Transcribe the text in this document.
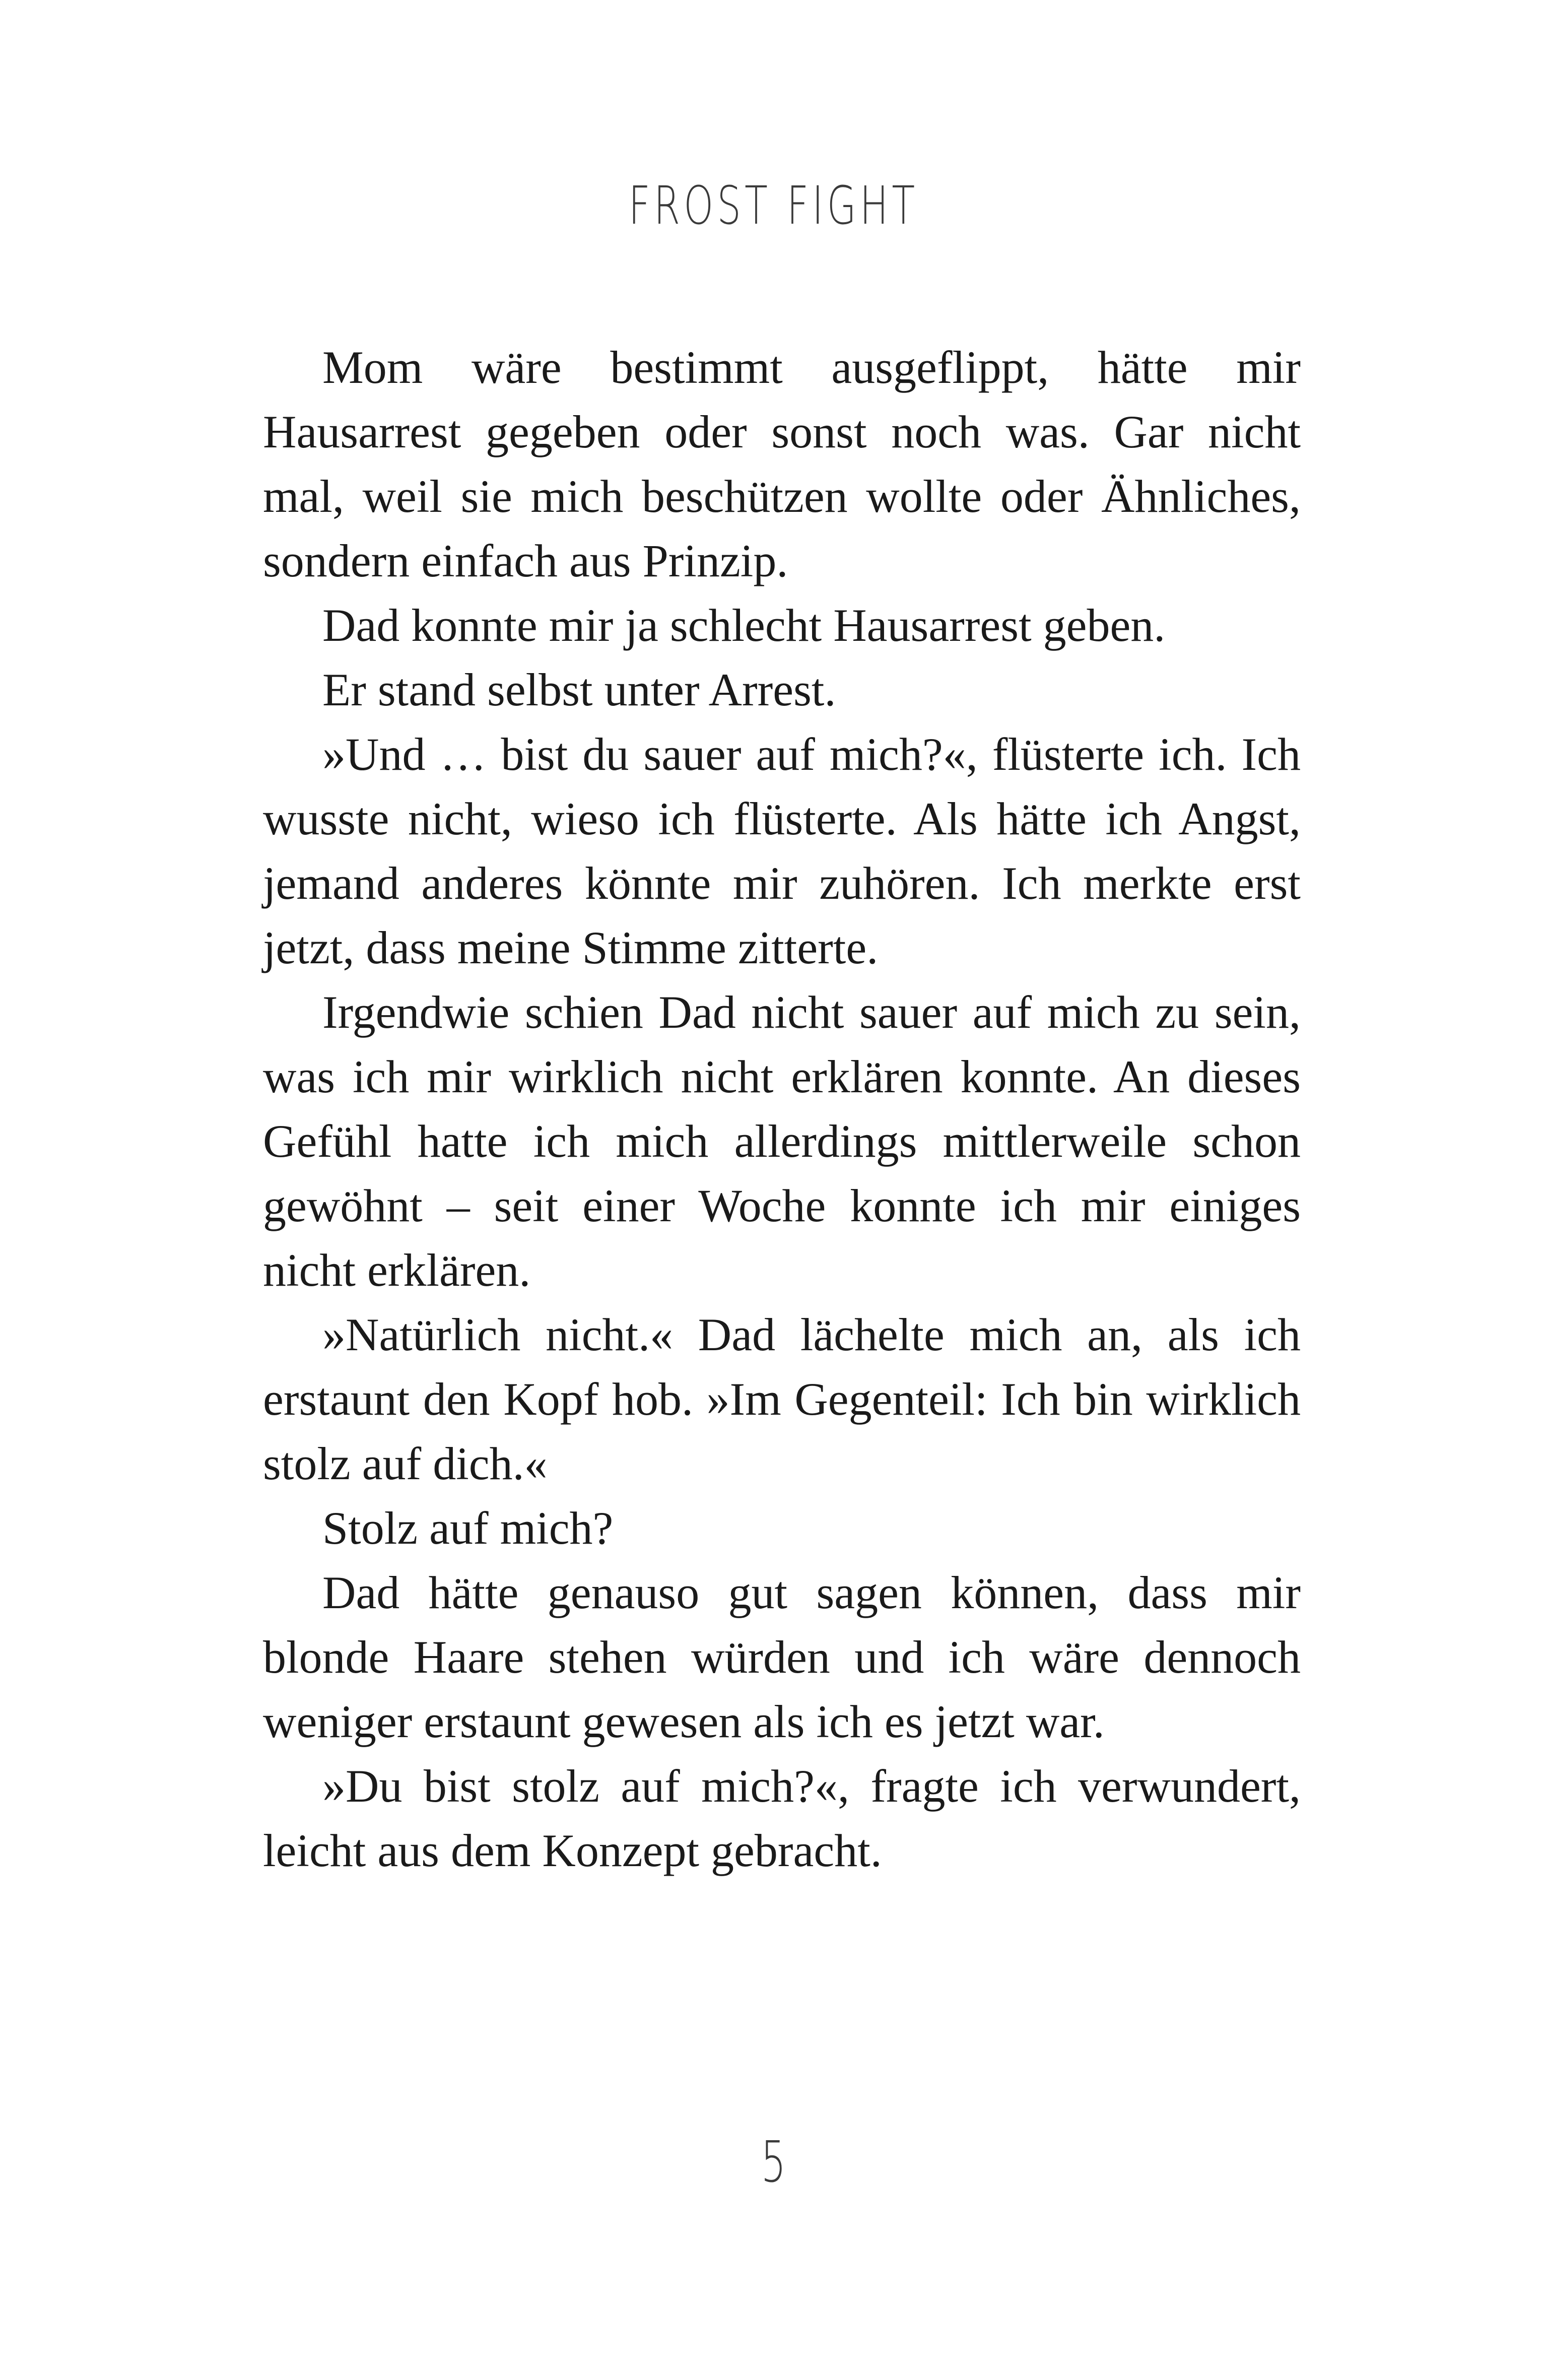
FROST FIGHT

Mom wäre bestimmt ausgeflippt, hätte mir Hausarrest gegeben oder sonst noch was. Gar nicht mal, weil sie mich beschützen wollte oder Ähnliches, sondern einfach aus Prinzip.

Dad konnte mir ja schlecht Hausarrest geben.

Er stand selbst unter Arrest.

»Und … bist du sauer auf mich?«, flüsterte ich. Ich wusste nicht, wieso ich flüsterte. Als hätte ich Angst, jemand anderes könnte mir zuhören. Ich merkte erst jetzt, dass meine Stimme zitterte.

Irgendwie schien Dad nicht sauer auf mich zu sein, was ich mir wirklich nicht erklären konnte. An dieses Gefühl hatte ich mich allerdings mittlerweile schon gewöhnt – seit einer Woche konnte ich mir einiges nicht erklären.

»Natürlich nicht.« Dad lächelte mich an, als ich erstaunt den Kopf hob. »Im Gegenteil: Ich bin wirklich stolz auf dich.«

Stolz auf mich?

Dad hätte genauso gut sagen können, dass mir blonde Haare stehen würden und ich wäre dennoch weniger erstaunt gewesen als ich es jetzt war.

»Du bist stolz auf mich?«, fragte ich verwundert, leicht aus dem Konzept gebracht.

5
